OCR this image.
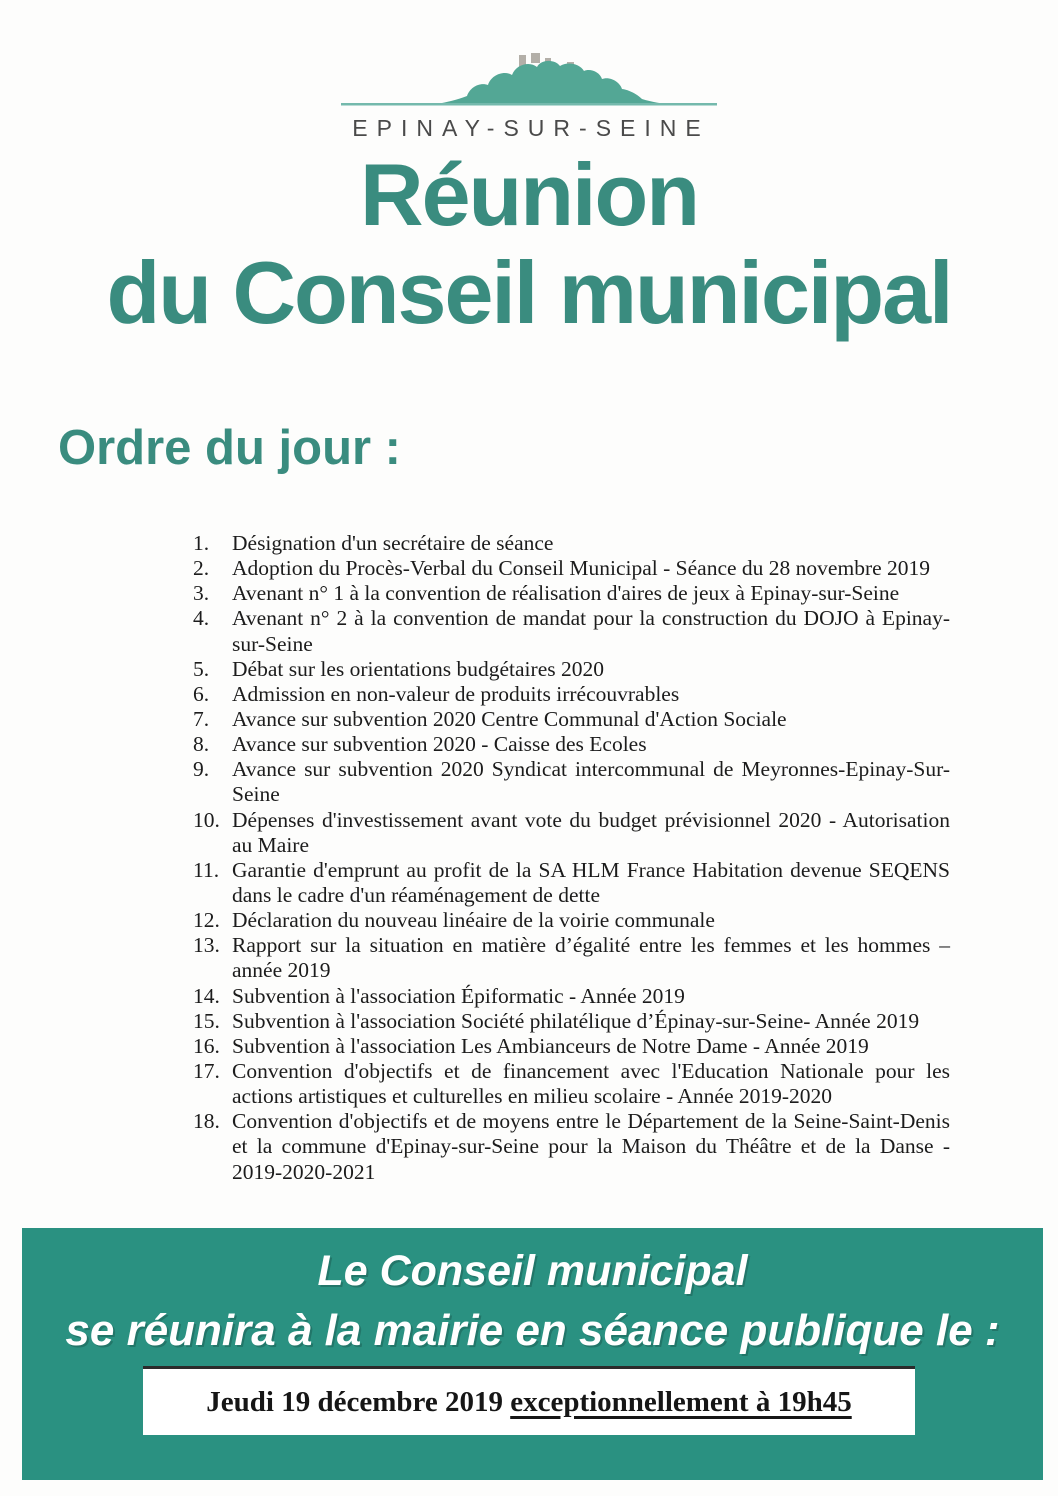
EPINAY-SUR-SEINE
Réunion
du Conseil municipal
Ordre du jour :
1.	Désignation d'un secrétaire de séance
2.	Adoption du Procès-Verbal du Conseil Municipal - Séance du 28 novembre 2019
3.	Avenant n° 1 à la convention de réalisation d'aires de jeux à Epinay-sur-Seine
4.	Avenant n° 2 à la convention de mandat pour la construction du DOJO à Epinay-sur-Seine
5.	Débat sur les orientations budgétaires 2020
6.	Admission en non-valeur de produits irrécouvrables
7.	Avance sur subvention 2020 Centre Communal d'Action Sociale
8.	Avance sur subvention 2020 - Caisse des Ecoles
9.	Avance sur subvention 2020 Syndicat intercommunal de Meyronnes-Epinay-Sur-Seine
10. Dépenses d'investissement avant vote du budget prévisionnel 2020 - Autorisation au Maire
11. Garantie d'emprunt au profit de la SA HLM France Habitation devenue SEQENS dans le cadre d'un réaménagement de dette
12. Déclaration du nouveau linéaire de la voirie communale
13. Rapport sur la situation en matière d’égalité entre les femmes et les hommes – année 2019
14. Subvention à l'association Épiformatic - Année 2019
15. Subvention à l'association Société philatélique d’Épinay-sur-Seine- Année 2019
16. Subvention à l'association Les Ambianceurs de Notre Dame - Année 2019
17. Convention d'objectifs et de financement avec l'Education Nationale pour les actions artistiques et culturelles en milieu scolaire - Année 2019-2020
18. Convention d'objectifs et de moyens entre le Département de la Seine-Saint-Denis et la commune d'Epinay-sur-Seine pour la Maison du Théâtre et de la Danse - 2019-2020-2021
Le Conseil municipal
se réunira à la mairie en séance publique le :
Jeudi 19 décembre 2019 exceptionnellement à 19h45
